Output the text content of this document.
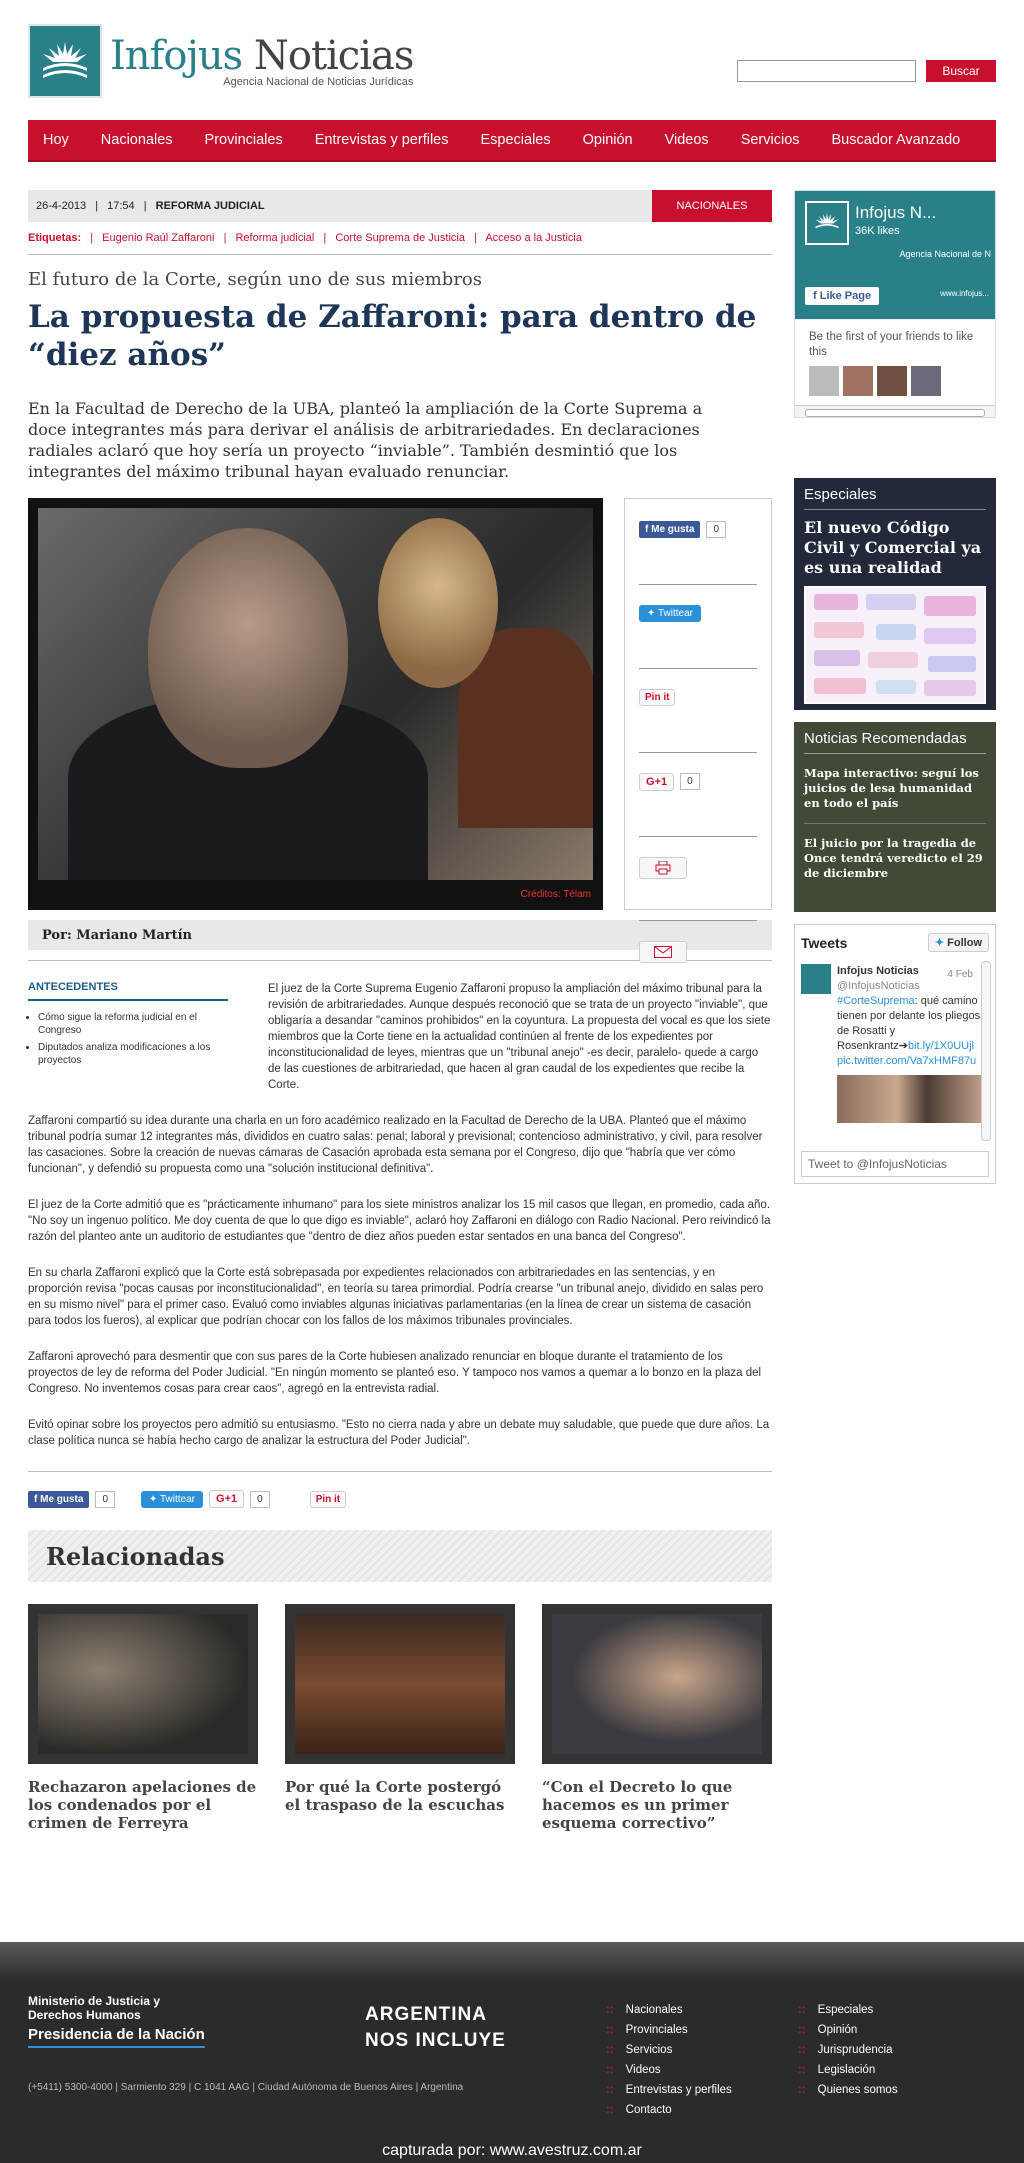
Infojus Noticias
Agencia Nacional de Noticias Jurídicas
Buscar
Hoy Nacionales Provinciales Entrevistas y perfiles Especiales Opinión Videos Servicios Buscador Avanzado
26-4-2013 | 17:54 | REFORMA JUDICIAL	NACIONALES
Etiquetas: | Eugenio Raúl Zaffaroni | Reforma judicial | Corte Suprema de Justicia | Acceso a la Justicia
El futuro de la Corte, según uno de sus miembros
La propuesta de Zaffaroni: para dentro de “diez años”

En la Facultad de Derecho de la UBA, planteó la ampliación de la Corte Suprema a doce integrantes más para derivar el análisis de arbitrariedades. En declaraciones radiales aclaró que hoy sería un proyecto “inviable”. También desmintió que los integrantes del máximo tribunal hayan evaluado renunciar.

Créditos: Télam
f Me gusta	0
✦ Twittear
Pin it
G+1	0
Por: Mariano Martín
ANTECEDENTES
• Cómo sigue la reforma judicial en el Congreso
• Diputados analiza modificaciones a los proyectos

El juez de la Corte Suprema Eugenio Zaffaroni propuso la ampliación del máximo tribunal para la revisión de arbitrariedades. Aunque después reconoció que se trata de un proyecto "inviable", que obligaría a desandar "caminos prohibidos" en la coyuntura. La propuesta del vocal es que los siete miembros que la Corte tiene en la actualidad continúen al frente de los expedientes por inconstitucionalidad de leyes, mientras que un "tribunal anejo" -es decir, paralelo- quede a cargo de las cuestiones de arbitrariedad, que hacen al gran caudal de los expedientes que recibe la Corte.

Zaffaroni compartió su idea durante una charla en un foro académico realizado en la Facultad de Derecho de la UBA. Planteó que el máximo tribunal podría sumar 12 integrantes más, divididos en cuatro salas: penal; laboral y previsional; contencioso administrativo, y civil, para resolver las casaciones. Sobre la creación de nuevas cámaras de Casación aprobada esta semana por el Congreso, dijo que "habría que ver cómo funcionan", y defendió su propuesta como una "solución institucional definitiva".

El juez de la Corte admitió que es "prácticamente inhumano" para los siete ministros analizar los 15 mil casos que llegan, en promedio, cada año. "No soy un ingenuo político. Me doy cuenta de que lo que digo es inviable", aclaró hoy Zaffaroni en diálogo con Radio Nacional. Pero reivindicó la razón del planteo ante un auditorio de estudiantes que "dentro de diez años pueden estar sentados en una banca del Congreso".

En su charla Zaffaroni explicó que la Corte está sobrepasada por expedientes relacionados con arbitrariedades en las sentencias, y en proporción revisa "pocas causas por inconstitucionalidad", en teoría su tarea primordial. Podría crearse "un tribunal anejo, dividido en salas pero en su mismo nivel" para el primer caso. Evaluó como inviables algunas iniciativas parlamentarias (en la línea de crear un sistema de casación para todos los fueros), al explicar que podrían chocar con los fallos de los máximos tribunales provinciales.

Zaffaroni aprovechó para desmentir que con sus pares de la Corte hubiesen analizado renunciar en bloque durante el tratamiento de los proyectos de ley de reforma del Poder Judicial. "En ningún momento se planteó eso. Y tampoco nos vamos a quemar a lo bonzo en la plaza del Congreso. No inventemos cosas para crear caos", agregó en la entrevista radial.

Evitó opinar sobre los proyectos pero admitió su entusiasmo. "Esto no cierra nada y abre un debate muy saludable, que puede que dure años. La clase política nunca se había hecho cargo de analizar la estructura del Poder Judicial".

f Me gusta	0	✦ Twittear	G+1	0	Pin it
Relacionadas
Rechazaron apelaciones de los condenados por el crimen de Ferreyra
Por qué la Corte postergó el traspaso de la escuchas
“Con el Decreto lo que hacemos es un primer esquema correctivo”
Infojus N...
36K likes
Agencia Nacional de N
f Like Page	www.infojus...
Be the first of your friends to like this
Especiales
El nuevo Código Civil y Comercial ya es una realidad
Noticias Recomendadas
Mapa interactivo: seguí los juicios de lesa humanidad en todo el país
El juicio por la tragedia de Once tendrá veredicto el 29 de diciembre
Tweets	✦ Follow
4 Feb
Infojus Noticias
@InfojusNoticias
#CorteSuprema: qué camino tienen por delante los pliegos de Rosatti y Rosenkrantz➔bit.ly/1X0UUjl pic.twitter.com/Va7xHMF87u
Tweet to @InfojusNoticias
Ministerio de Justicia y Derechos Humanos
Presidencia de la Nación
ARGENTINA NOS INCLUYE
(+5411) 5300-4000 | Sarmiento 329 | C 1041 AAG | Ciudad Autónoma de Buenos Aires | Argentina
:: Nacionales
:: Provinciales
:: Servicios
:: Videos
:: Entrevistas y perfiles
:: Contacto
:: Especiales
:: Opinión
:: Jurisprudencia
:: Legislación
:: Quienes somos
capturada por: www.avestruz.com.ar
